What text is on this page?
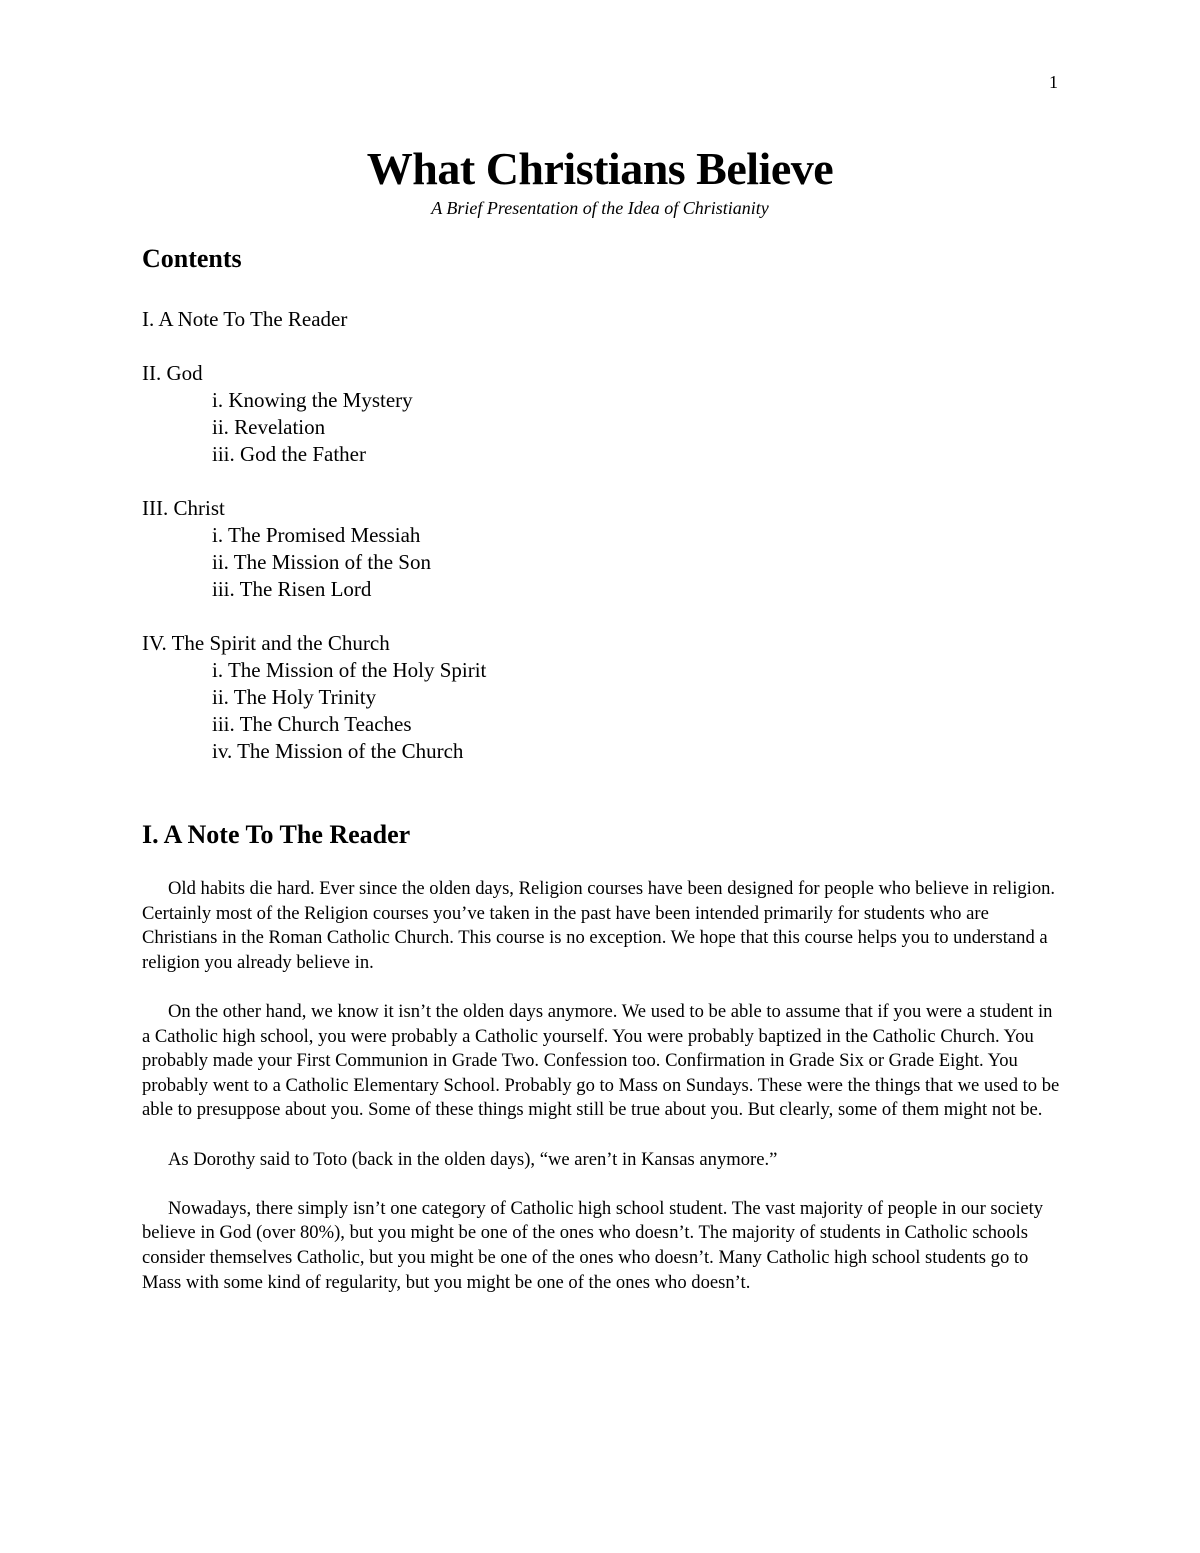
1
What Christians Believe
A Brief Presentation of the Idea of Christianity
Contents
I. A Note To The Reader
II. God
i. Knowing the Mystery
ii. Revelation
iii. God the Father
III. Christ
i. The Promised Messiah
ii. The Mission of the Son
iii. The Risen Lord
IV. The Spirit and the Church
i. The Mission of the Holy Spirit
ii. The Holy Trinity
iii. The Church Teaches
iv. The Mission of the Church
I. A Note To The Reader

Old habits die hard. Ever since the olden days, Religion courses have been designed for people who believe in religion. Certainly most of the Religion courses you’ve taken in the past have been intended primarily for students who are Christians in the Roman Catholic Church. This course is no exception. We hope that this course helps you to understand a religion you already believe in.

On the other hand, we know it isn’t the olden days anymore. We used to be able to assume that if you were a student in a Catholic high school, you were probably a Catholic yourself. You were probably baptized in the Catholic Church. You probably made your First Communion in Grade Two. Confession too. Confirmation in Grade Six or Grade Eight. You probably went to a Catholic Elementary School. Probably go to Mass on Sundays. These were the things that we used to be able to presuppose about you. Some of these things might still be true about you. But clearly, some of them might not be.

As Dorothy said to Toto (back in the olden days), “we aren’t in Kansas anymore.”

Nowadays, there simply isn’t one category of Catholic high school student. The vast majority of people in our society believe in God (over 80%), but you might be one of the ones who doesn’t. The majority of students in Catholic schools consider themselves Catholic, but you might be one of the ones who doesn’t. Many Catholic high school students go to Mass with some kind of regularity, but you might be one of the ones who doesn’t.
